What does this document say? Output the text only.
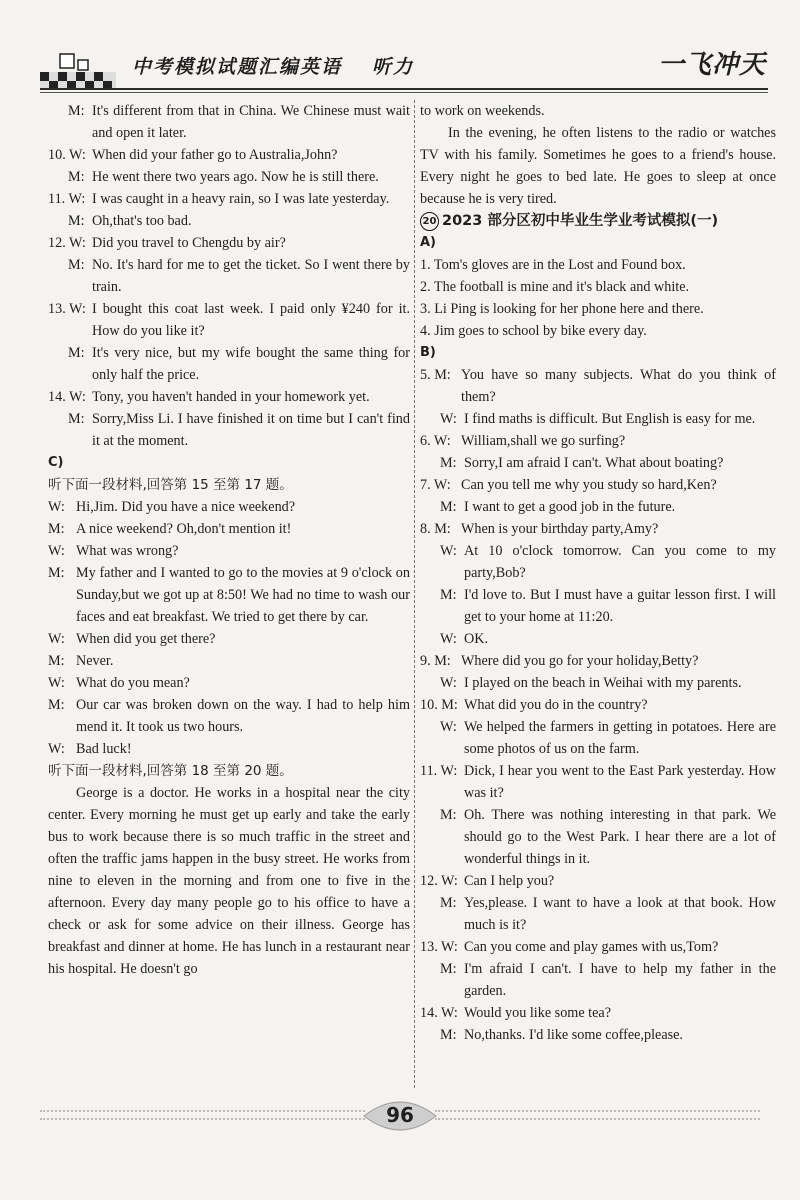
中考模拟试题汇编英语 听力	一飞冲天

M: It's different from that in China. We Chinese must wait and open it later.

10. W: When did your father go to Australia,John?

M: He went there two years ago. Now he is still there.

11. W: I was caught in a heavy rain, so I was late yesterday.

M: Oh,that's too bad.

12. W: Did you travel to Chengdu by air?

M: No. It's hard for me to get the ticket. So I went there by train.

13. W: I bought this coat last week. I paid only ¥240 for it. How do you like it?

M: It's very nice, but my wife bought the same thing for only half the price.

14. W: Tony, you haven't handed in your homework yet.

M: Sorry,Miss Li. I have finished it on time but I can't find it at the moment.

C)

听下面一段材料,回答第 15 至第 17 题。

W: Hi,Jim. Did you have a nice weekend?

M: A nice weekend? Oh,don't mention it!

W: What was wrong?

M: My father and I wanted to go to the movies at 9 o'clock on Sunday,but we got up at 8:50! We had no time to wash our faces and eat breakfast. We tried to get there by car.

W: When did you get there?

M: Never.

W: What do you mean?

M: Our car was broken down on the way. I had to help him mend it. It took us two hours.

W: Bad luck!

听下面一段材料,回答第 18 至第 20 题。

George is a doctor. He works in a hospital near the city center. Every morning he must get up early and take the early bus to work because there is so much traffic in the street and often the traffic jams happen in the busy street. He works from nine to eleven in the morning and from one to five in the afternoon. Every day many people go to his office to have a check or ask for some advice on their illness. George has breakfast and dinner at home. He has lunch in a restaurant near his hospital. He doesn't go

to work on weekends.

In the evening, he often listens to the radio or watches TV with his family. Sometimes he goes to a friend's house. Every night he goes to bed late. He goes to sleep at once because he is very tired.

20 2023 部分区初中毕业生学业考试模拟(一)

A)

1. Tom's gloves are in the Lost and Found box.

2. The football is mine and it's black and white.

3. Li Ping is looking for her phone here and there.

4. Jim goes to school by bike every day.

B)

5. M: You have so many subjects. What do you think of them?

W: I find maths is difficult. But English is easy for me.

6. W: William,shall we go surfing?

M: Sorry,I am afraid I can't. What about boating?

7. W: Can you tell me why you study so hard,Ken?

M: I want to get a good job in the future.

8. M: When is your birthday party,Amy?

W: At 10 o'clock tomorrow. Can you come to my party,Bob?

M: I'd love to. But I must have a guitar lesson first. I will get to your home at 11:20.

W: OK.

9. M: Where did you go for your holiday,Betty?

W: I played on the beach in Weihai with my parents.

10. M: What did you do in the country?

W: We helped the farmers in getting in potatoes. Here are some photos of us on the farm.

11. W: Dick, I hear you went to the East Park yesterday. How was it?

M: Oh. There was nothing interesting in that park. We should go to the West Park. I hear there are a lot of wonderful things in it.

12. W: Can I help you?

M: Yes,please. I want to have a look at that book. How much is it?

13. W: Can you come and play games with us,Tom?

M: I'm afraid I can't. I have to help my father in the garden.

14. W: Would you like some tea?

M: No,thanks. I'd like some coffee,please.

96
